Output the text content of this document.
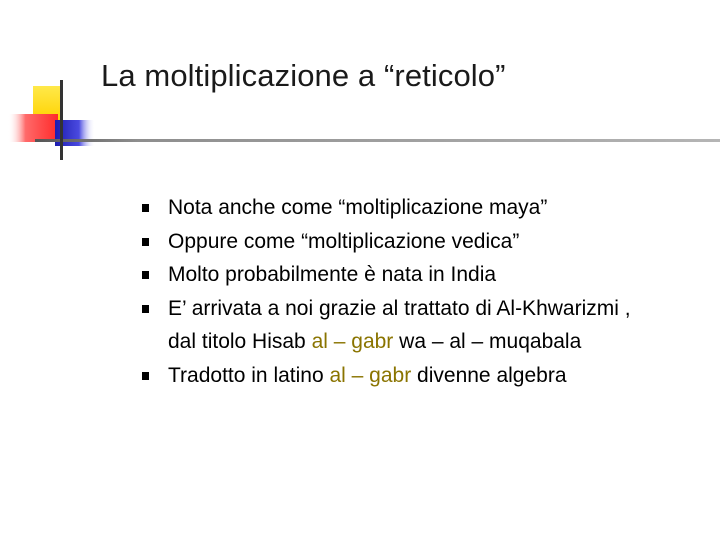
La moltiplicazione a “reticolo”
Nota anche come “moltiplicazione maya”
Oppure come “moltiplicazione vedica”
Molto probabilmente è nata in India
E’ arrivata a noi grazie al trattato di Al-Khwarizmi ,
dal titolo Hisab al – gabr wa – al – muqabala
Tradotto in latino al – gabr divenne algebra
